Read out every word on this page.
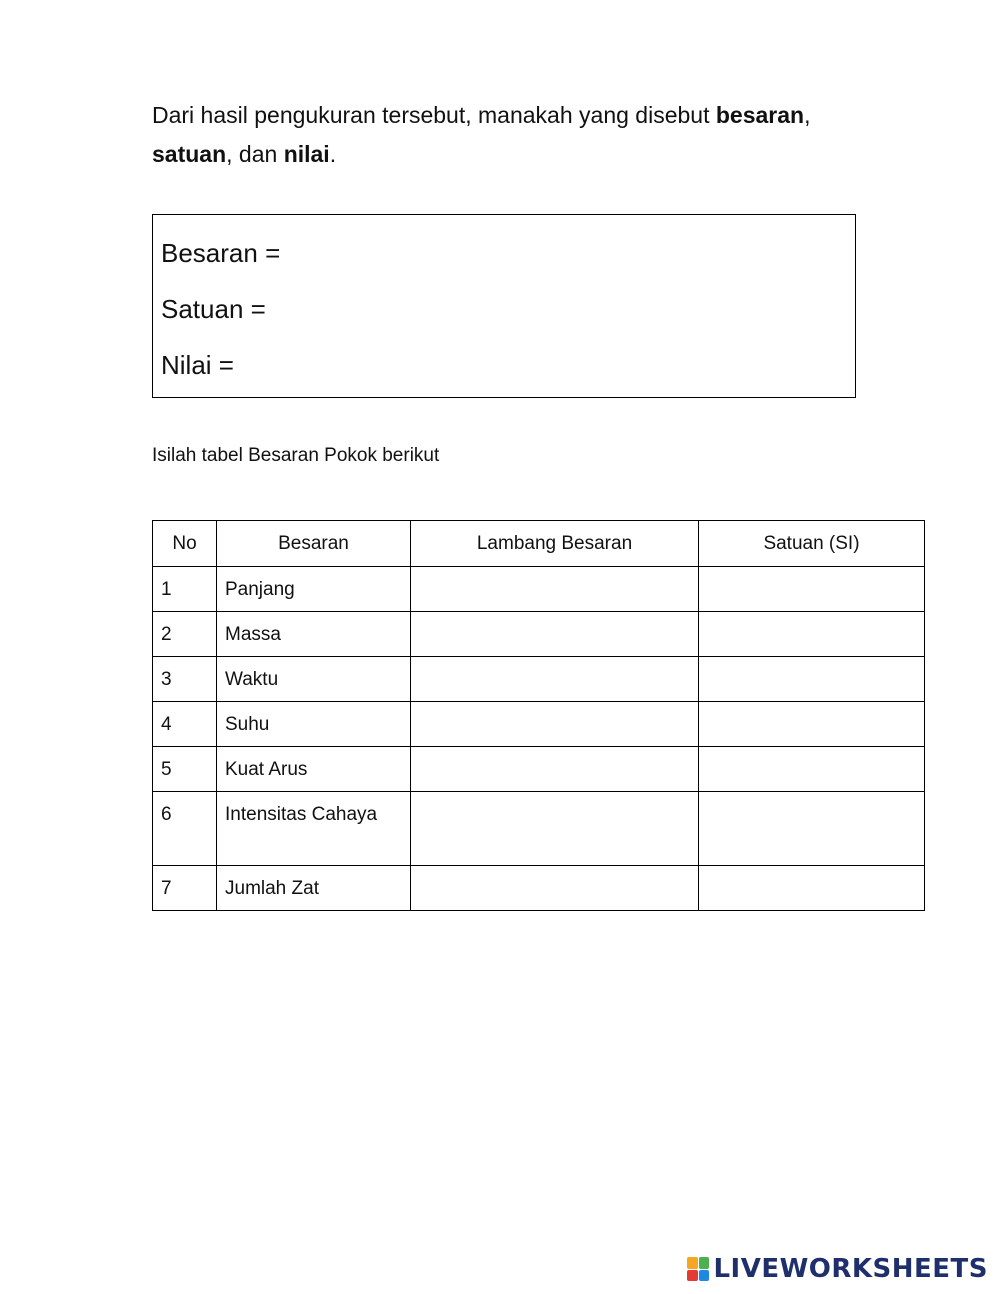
Dari hasil pengukuran tersebut, manakah yang disebut besaran, satuan, dan nilai.

Besaran =
Satuan =
Nilai =

Isilah tabel Besaran Pokok berikut

No	Besaran	Lambang Besaran	Satuan (SI)
1	Panjang		
2	Massa		
3	Waktu		
4	Suhu		
5	Kuat Arus		
6	Intensitas Cahaya		
7	Jumlah Zat		
LIVEWORKSHEETS
